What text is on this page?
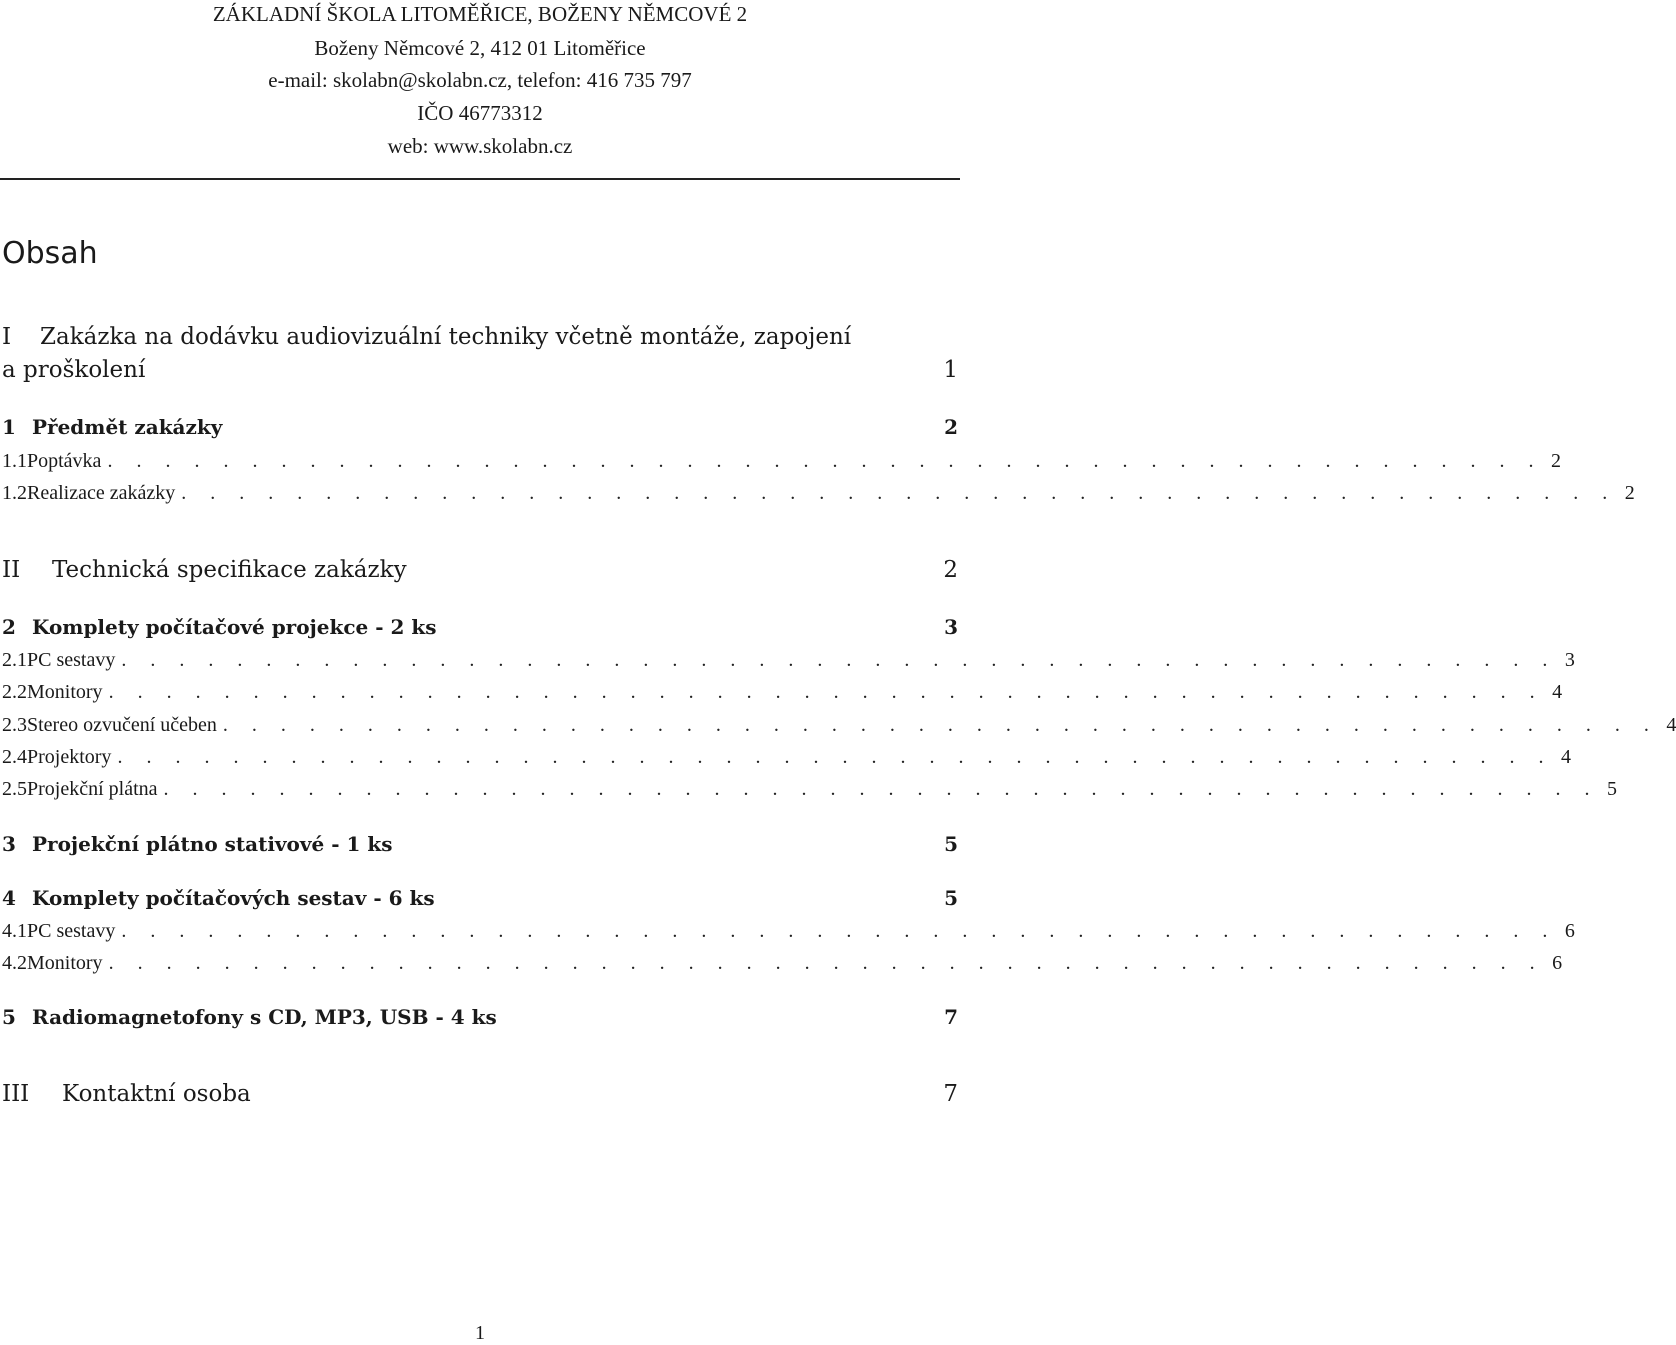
ZÁKLADNÍ ŠKOLA LITOMĚŘICE, BOŽENY NĚMCOVÉ 2
Boženy Němcové 2, 412 01 Litoměřice
e-mail: skolabn@skolabn.cz, telefon: 416 735 797
IČO 46773312
web: www.skolabn.cz
Obsah
I	Zakázka na dodávku audiovizuální techniky včetně montáže, zapojení
a proškolení	1
1 Předmět zakázky	2
1.1 Poptávka . . . . . . . . . . . . . . . . . . . . . . . . . . . . . . . . . . . . . . . . . . . . . . . . . . 2
1.2 Realizace zakázky . . . . . . . . . . . . . . . . . . . . . . . . . . . . . . . . . . . . . . . . . . . . . . . . . . 2
II	Technická specifikace zakázky	2
2 Komplety počítačové projekce - 2 ks	3
2.1 PC sestavy . . . . . . . . . . . . . . . . . . . . . . . . . . . . . . . . . . . . . . . . . . . . . . . . . . 3
2.2 Monitory . . . . . . . . . . . . . . . . . . . . . . . . . . . . . . . . . . . . . . . . . . . . . . . . . . 4
2.3 Stereo ozvučení učeben . . . . . . . . . . . . . . . . . . . . . . . . . . . . . . . . . . . . . . . . . . . . . . . . . . 4
2.4 Projektory . . . . . . . . . . . . . . . . . . . . . . . . . . . . . . . . . . . . . . . . . . . . . . . . . . 4
2.5 Projekční plátna . . . . . . . . . . . . . . . . . . . . . . . . . . . . . . . . . . . . . . . . . . . . . . . . . . 5
3 Projekční plátno stativové - 1 ks	5
4 Komplety počítačových sestav - 6 ks	5
4.1 PC sestavy . . . . . . . . . . . . . . . . . . . . . . . . . . . . . . . . . . . . . . . . . . . . . . . . . . 6
4.2 Monitory . . . . . . . . . . . . . . . . . . . . . . . . . . . . . . . . . . . . . . . . . . . . . . . . . . 6
5 Radiomagnetofony s CD, MP3, USB - 4 ks	7
III	Kontaktní osoba	7
1
